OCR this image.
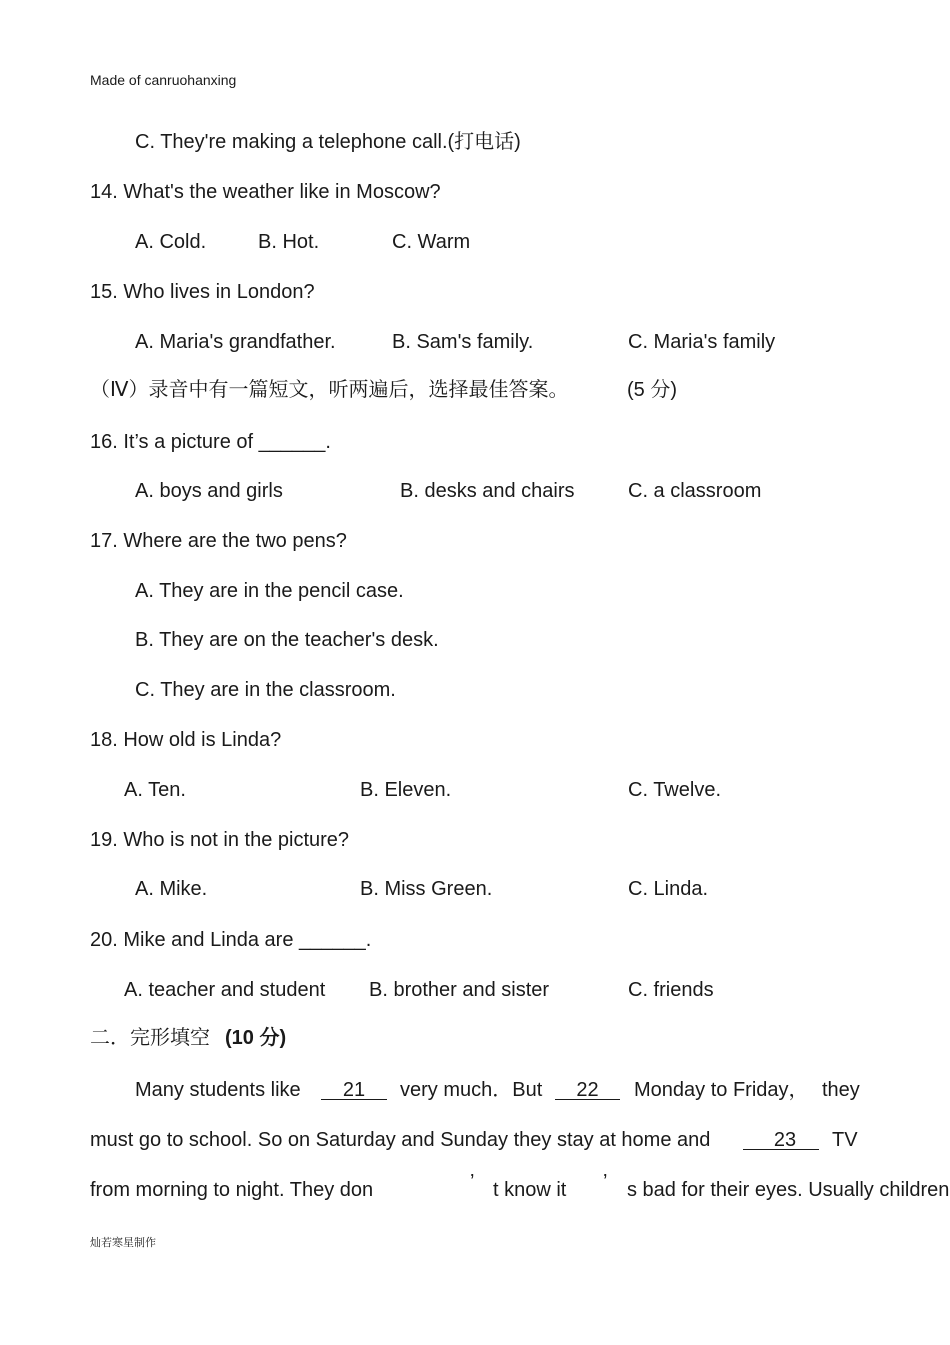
Made of canruohanxing
C. They're making a telephone call.(打电话)
14. What's the weather like in Moscow?
A. Cold.	B. Hot.	C. Warm
15. Who lives in London?
A. Maria's grandfather.	B. Sam's family.	C. Maria's family
（Ⅳ）录音中有一篇短文，听两遍后，选择最佳答案。	(5 分)
16. It’s a picture of ______.
A. boys and girls	B. desks and chairs	C. a classroom
17. Where are the two pens?
A. They are in the pencil case.
B. They are on the teacher's desk.
C. They are in the classroom.
18. How old is Linda?
A. Ten.	B. Eleven.	C. Twelve.
19. Who is not in the picture?
A. Mike.	B. Miss Green.	C. Linda.
20. Mike and Linda are ______.
A. teacher and student B. brother and sister	C. friends
二．完形填空 (10 分)
Many students like	21	very much．But	22	Monday to Friday， they
must go to school. So on Saturday and Sunday they stay at home and	23	TV
from morning to night. They don	’ t know it ’ s bad for their eyes. Usually children
灿若寒星制作
